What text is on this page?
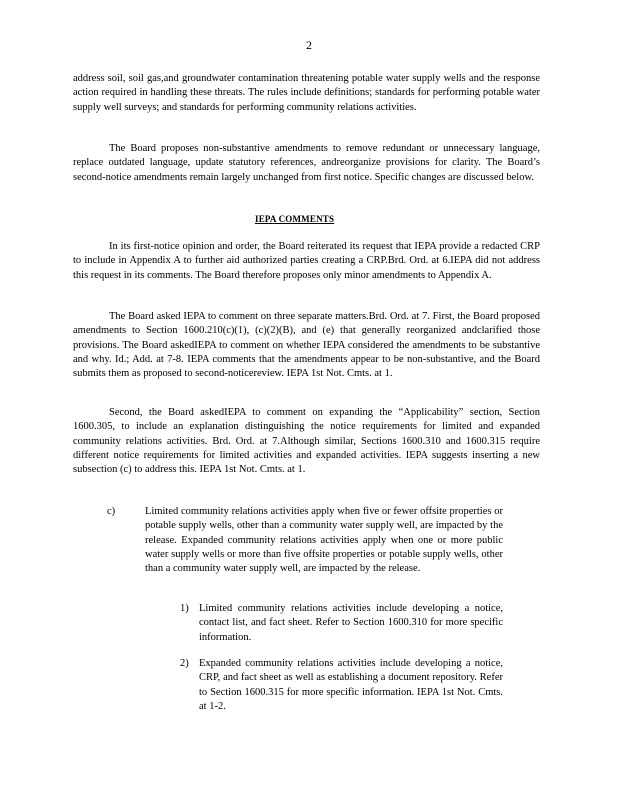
2

address soil, soil gas,and groundwater contamination threatening potable water supply wells and the response action required in handling these threats. The rules include definitions; standards for performing potable water supply well surveys; and standards for performing community relations activities.

The Board proposes non-substantive amendments to remove redundant or unnecessary language, replace outdated language, update statutory references, andreorganize provisions for clarity. The Board’s second-notice amendments remain largely unchanged from first notice. Specific changes are discussed below.

IEPA COMMENTS

In its first-notice opinion and order, the Board reiterated its request that IEPA provide a redacted CRP to include in Appendix A to further aid authorized parties creating a CRP.Brd. Ord. at 6.IEPA did not address this request in its comments. The Board therefore proposes only minor amendments to Appendix A.

The Board asked IEPA to comment on three separate matters.Brd. Ord. at 7. First, the Board proposed amendments to Section 1600.210(c)(1), (c)(2)(B), and (e) that generally reorganized andclarified those provisions. The Board askedIEPA to comment on whether IEPA considered the amendments to be substantive and why. Id.; Add. at 7-8. IEPA comments that the amendments appear to be non-substantive, and the Board submits them as proposed to second-noticereview. IEPA 1st Not. Cmts. at 1.

Second, the Board askedIEPA to comment on expanding the “Applicability” section, Section 1600.305, to include an explanation distinguishing the notice requirements for limited and expanded community relations activities. Brd. Ord. at 7.Although similar, Sections 1600.310 and 1600.315 require different notice requirements for limited activities and expanded activities. IEPA suggests inserting a new subsection (c) to address this. IEPA 1st Not. Cmts. at 1.

c)	Limited community relations activities apply when five or fewer offsite properties or potable supply wells, other than a community water supply well, are impacted by the release. Expanded community relations activities apply when one or more public water supply wells or more than five offsite properties or potable supply wells, other than a community water supply well, are impacted by the release.
1) Limited community relations activities include developing a notice, contact list, and fact sheet. Refer to Section 1600.310 for more specific information.
2) Expanded community relations activities include developing a notice, CRP, and fact sheet as well as establishing a document repository. Refer to Section 1600.315 for more specific information. IEPA 1st Not. Cmts. at 1-2.
